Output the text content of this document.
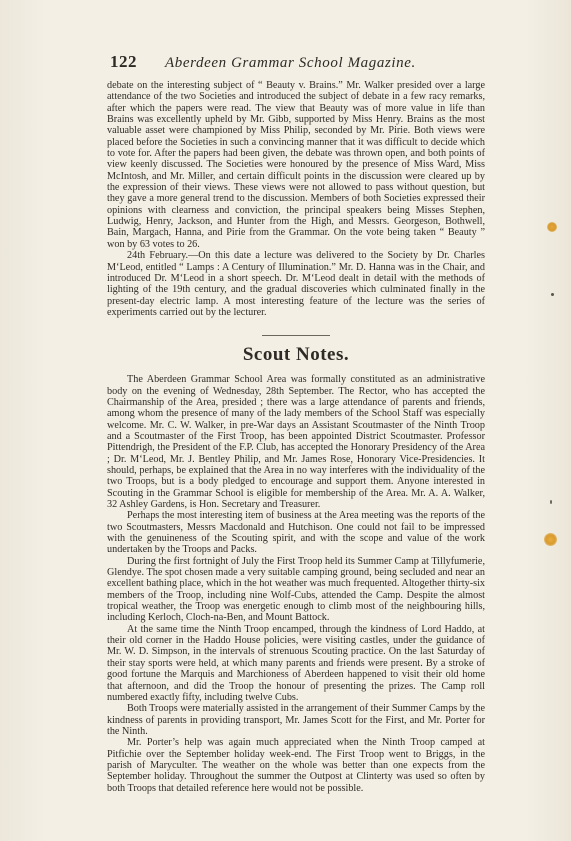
122 Aberdeen Grammar School Magazine.

debate on the interesting subject of “ Beauty v. Brains.” Mr. Walker presided over a large attendance of the two Societies and introduced the subject of debate in a few racy remarks, after which the papers were read. The view that Beauty was of more value in life than Brains was excellently upheld by Mr. Gibb, supported by Miss Henry. Brains as the most valuable asset were championed by Miss Philip, seconded by Mr. Pirie. Both views were placed before the Societies in such a convincing manner that it was difficult to decide which to vote for. After the papers had been given, the debate was thrown open, and both points of view keenly discussed. The Societies were honoured by the presence of Miss Ward, Miss McIntosh, and Mr. Miller, and certain difficult points in the discussion were cleared up by the expression of their views. These views were not allowed to pass without question, but they gave a more general trend to the discussion. Members of both Societies expressed their opinions with clearness and conviction, the principal speakers being Misses Stephen, Ludwig, Henry, Jackson, and Hunter from the High, and Messrs. Georgeson, Bothwell, Bain, Margach, Hanna, and Pirie from the Grammar. On the vote being taken “ Beauty ” won by 63 votes to 26.

24th February.—On this date a lecture was delivered to the Society by Dr. Charles M‘Leod, entitled “ Lamps : A Century of Illumination.” Mr. D. Hanna was in the Chair, and introduced Dr. M‘Leod in a short speech. Dr. M‘Leod dealt in detail with the methods of lighting of the 19th century, and the gradual discoveries which culminated finally in the present-day electric lamp. A most interesting feature of the lecture was the series of experiments carried out by the lecturer.

Scout Notes.

The Aberdeen Grammar School Area was formally constituted as an administrative body on the evening of Wednesday, 28th September. The Rector, who has accepted the Chairmanship of the Area, presided ; there was a large attendance of parents and friends, among whom the presence of many of the lady members of the School Staff was especially welcome. Mr. C. W. Walker, in pre-War days an Assistant Scoutmaster of the Ninth Troop and a Scoutmaster of the First Troop, has been appointed District Scoutmaster. Professor Pittendrigh, the President of the F.P. Club, has accepted the Honorary Presidency of the Area ; Dr. M‘Leod, Mr. J. Bentley Philip, and Mr. James Rose, Honorary Vice-Presidencies. It should, perhaps, be explained that the Area in no way interferes with the individuality of the two Troops, but is a body pledged to encourage and support them. Anyone interested in Scouting in the Grammar School is eligible for membership of the Area. Mr. A. A. Walker, 32 Ashley Gardens, is Hon. Secretary and Treasurer.

Perhaps the most interesting item of business at the Area meeting was the reports of the two Scoutmasters, Messrs Macdonald and Hutchison. One could not fail to be impressed with the genuineness of the Scouting spirit, and with the scope and value of the work undertaken by the Troops and Packs.

During the first fortnight of July the First Troop held its Summer Camp at Tillyfumerie, Glendye. The spot chosen made a very suitable camping ground, being secluded and near an excellent bathing place, which in the hot weather was much frequented. Altogether thirty-six members of the Troop, including nine Wolf-Cubs, attended the Camp. Despite the almost tropical weather, the Troop was energetic enough to climb most of the neighbouring hills, including Kerloch, Cloch-na-Ben, and Mount Battock.

At the same time the Ninth Troop encamped, through the kindness of Lord Haddo, at their old corner in the Haddo House policies, were visiting castles, under the guidance of Mr. W. D. Simpson, in the intervals of strenuous Scouting practice. On the last Saturday of their stay sports were held, at which many parents and friends were present. By a stroke of good fortune the Marquis and Marchioness of Aberdeen happened to visit their old home that afternoon, and did the Troop the honour of presenting the prizes. The Camp roll numbered exactly fifty, including twelve Cubs.

Both Troops were materially assisted in the arrangement of their Summer Camps by the kindness of parents in providing transport, Mr. James Scott for the First, and Mr. Porter for the Ninth.

Mr. Porter’s help was again much appreciated when the Ninth Troop camped at Pitfichie over the September holiday week-end. The First Troop went to Briggs, in the parish of Maryculter. The weather on the whole was better than one expects from the September holiday. Throughout the summer the Outpost at Clinterty was used so often by both Troops that detailed reference here would not be possible.
